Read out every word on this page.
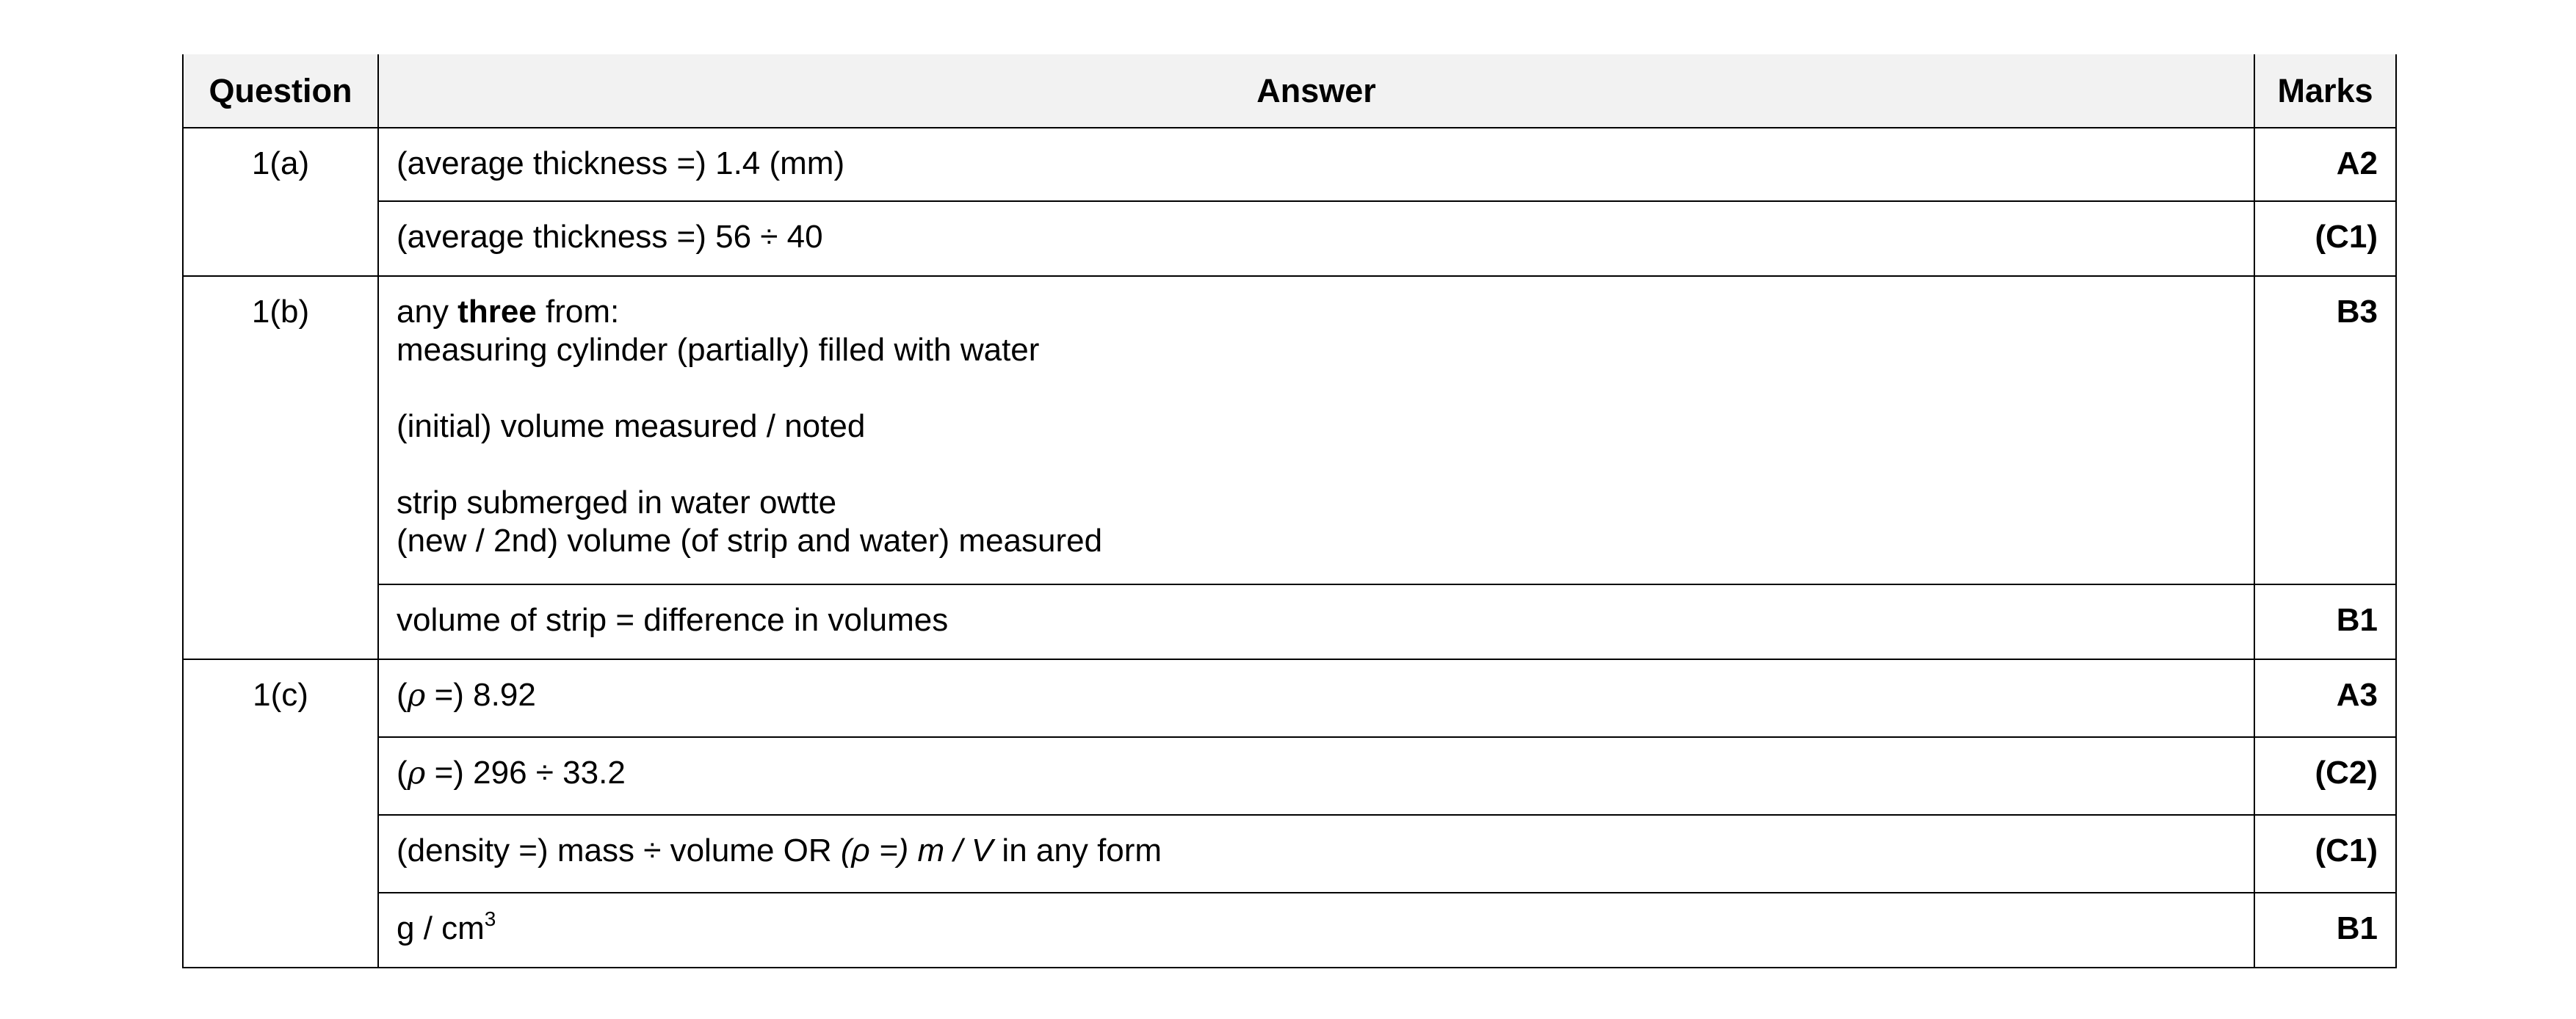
Question	Answer	Marks
1(a)	(average thickness =) 1.4 (mm)	A2
	(average thickness =) 56 ÷ 40	(C1)
1(b)	any three from:
measuring cylinder (partially) filled with water
(initial) volume measured / noted
strip submerged in water owtte
(new / 2nd) volume (of strip and water) measured	B3
	volume of strip = difference in volumes	B1
1(c)	(ρ =) 8.92	A3
	(ρ =) 296 ÷ 33.2	(C2)
	(density =) mass ÷ volume OR (ρ =) m / V in any form	(C1)
	g / $cm^3$	B1
